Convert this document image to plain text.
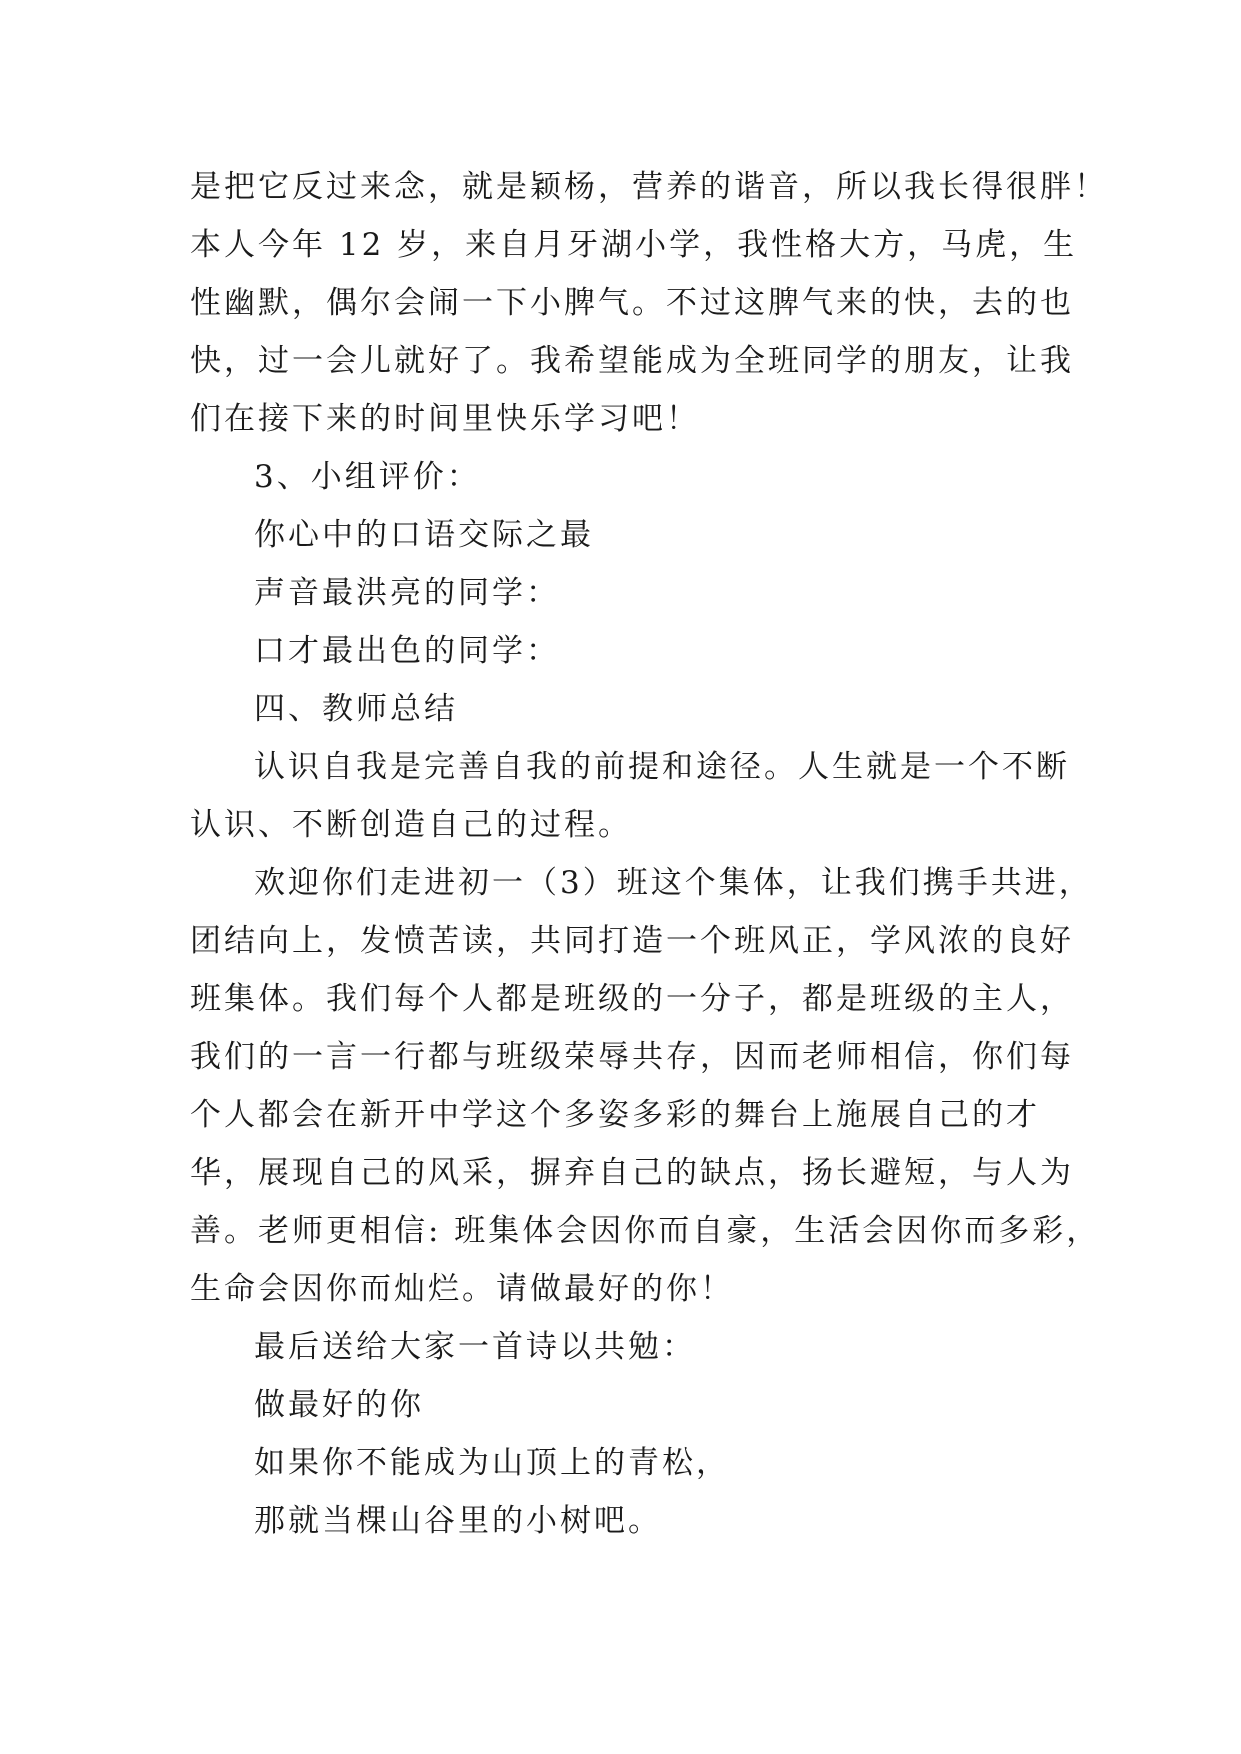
是把它反过来念，就是颖杨，营养的谐音，所以我长得很胖！
本人今年 12 岁，来自月牙湖小学，我性格大方，马虎，生
性幽默，偶尔会闹一下小脾气。不过这脾气来的快，去的也
快，过一会儿就好了。我希望能成为全班同学的朋友，让我
们在接下来的时间里快乐学习吧！
3、小组评价：
你心中的口语交际之最
声音最洪亮的同学：
口才最出色的同学：
四、教师总结
认识自我是完善自我的前提和途径。人生就是一个不断
认识、不断创造自己的过程。
欢迎你们走进初一（3）班这个集体，让我们携手共进，
团结向上，发愤苦读，共同打造一个班风正，学风浓的良好
班集体。我们每个人都是班级的一分子，都是班级的主人，
我们的一言一行都与班级荣辱共存，因而老师相信，你们每
个人都会在新开中学这个多姿多彩的舞台上施展自己的才
华，展现自己的风采，摒弃自己的缺点，扬长避短，与人为
善。老师更相信: 班集体会因你而自豪，生活会因你而多彩，
生命会因你而灿烂。请做最好的你！
最后送给大家一首诗以共勉：
做最好的你
如果你不能成为山顶上的青松，
那就当棵山谷里的小树吧。
